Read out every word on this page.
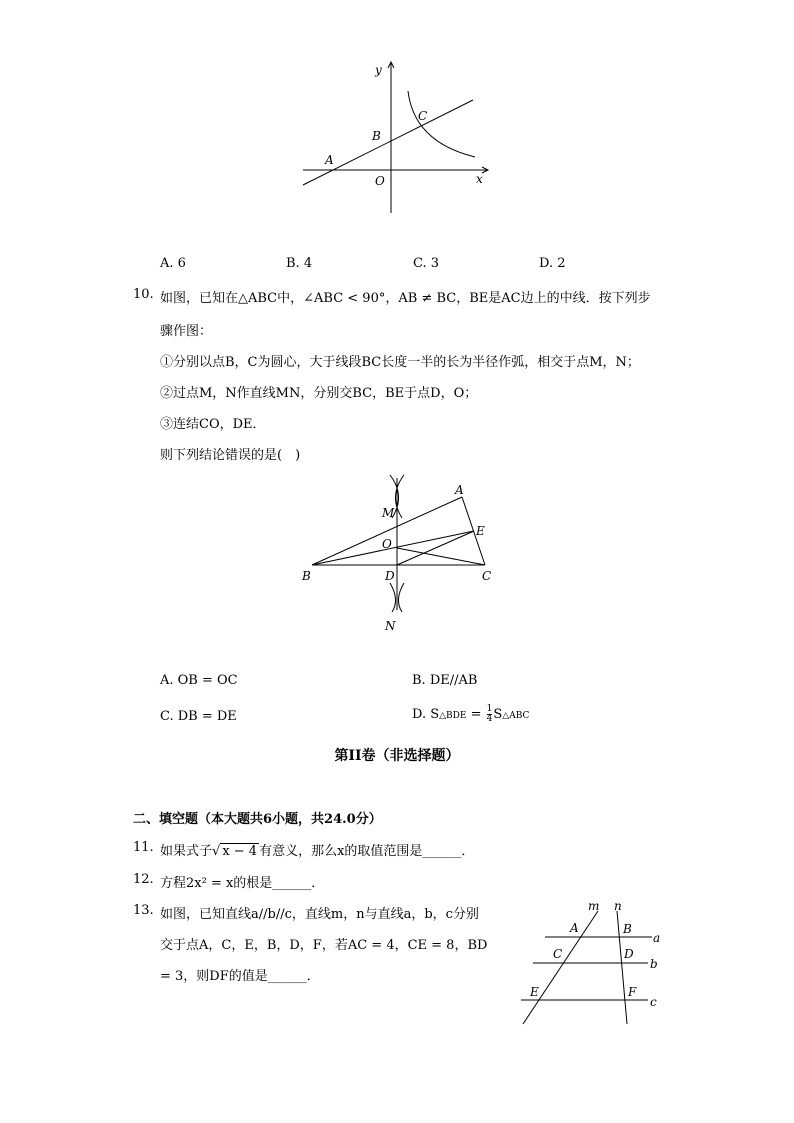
y
x
O
A
B
C
A. 6	B. 4	C. 3	D. 2
10. 如图，已知在△ABC中，∠ABC < 90°，AB ≠ BC，BE是AC边上的中线．按下列步
骤作图：
①分别以点B，C为圆心，大于线段BC长度一半的长为半径作弧，相交于点M，N；
②过点M，N作直线MN，分别交BC，BE于点D，O；
③连结CO，DE．
则下列结论错误的是(　)
A
M
E
O
B	D	C
N
A. OB = OC	B. DE//AB
C. DB = DE	D. S△BDE = $\frac{1}{4}$ S△ABC
第II卷（非选择题）
二、填空题（本大题共6小题，共24.0分）
11. 如果式子√ x − 4 有意义，那么x的取值范围是______．
12. 方程2x² = x的根是______．
13. 如图，已知直线a//b//c，直线m，n与直线a，b，c分别
交于点A，C，E，B，D，F，若AC = 4，CE = 8，BD
= 3，则DF的值是______．
m n
A	B
a
C	D
b
E	F
c
